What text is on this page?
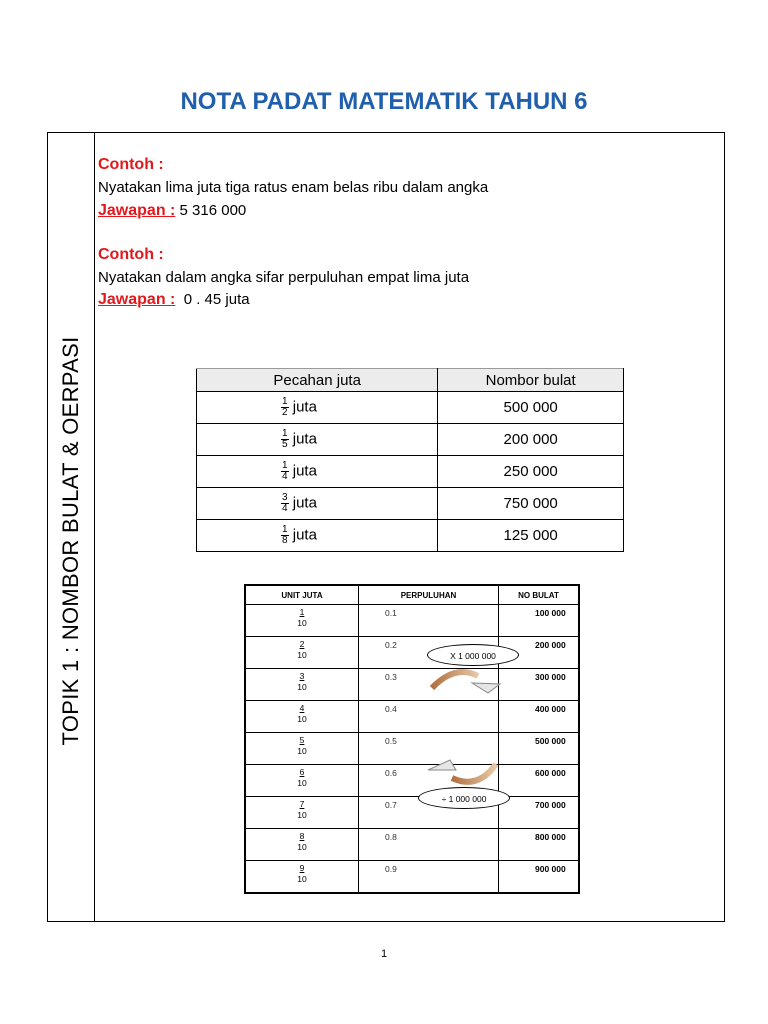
NOTA PADAT MATEMATIK TAHUN 6
TOPIK 1 : NOMBOR BULAT & OERPASI
Contoh :
Nyatakan lima juta tiga ratus enam belas ribu dalam angka
Jawapan : 5 316 000
Contoh :
Nyatakan dalam angka sifar perpuluhan empat lima juta
Jawapan :  0 . 45 juta
Pecahan juta	Nombor bulat

$\frac{1}{2}$ juta	500 000

$\frac{1}{5}$ juta	200 000

$\frac{1}{4}$ juta	250 000

$\frac{3}{4}$ juta	750 000

$\frac{1}{8}$ juta	125 000
UNIT JUTA	PERPULUHAN	NO BULAT

1
10	0.1	100 000

2
10	0.2	200 000

3
10	0.3	300 000

4
10	0.4	400 000

5
10	0.5	500 000

6
10	0.6	600 000

7
10	0.7	700 000

8
10	0.8	800 000

9
10	0.9	900 000
X 1 000 000
÷ 1 000 000
1
